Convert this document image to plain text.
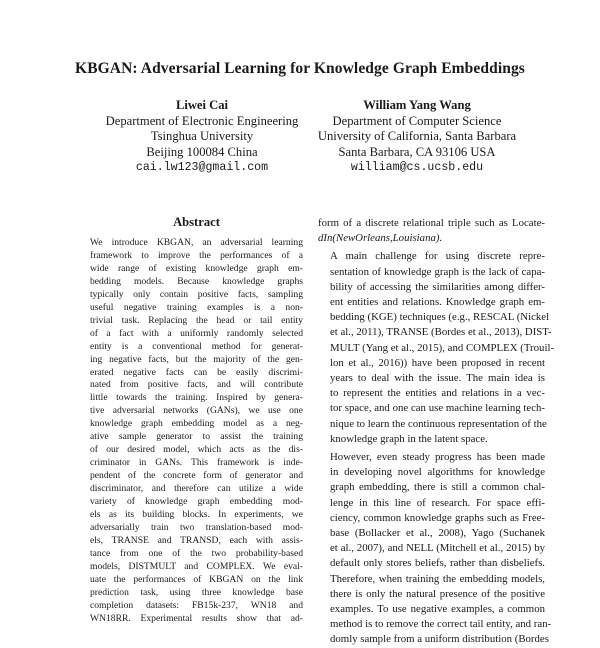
KBGAN: Adversarial Learning for Knowledge Graph Embeddings
Liwei Cai
Department of Electronic Engineering
Tsinghua University
Beijing 100084 China
cai.lw123@gmail.com
William Yang Wang
Department of Computer Science
University of California, Santa Barbara
Santa Barbara, CA 93106 USA
william@cs.ucsb.edu
Abstract
We introduce KBGAN, an adversarial learning
framework to improve the performances of a
wide range of existing knowledge graph em-
bedding models. Because knowledge graphs
typically only contain positive facts, sampling
useful negative training examples is a non-
trivial task. Replacing the head or tail entity
of a fact with a uniformly randomly selected
entity is a conventional method for generat-
ing negative facts, but the majority of the gen-
erated negative facts can be easily discrimi-
nated from positive facts, and will contribute
little towards the training. Inspired by genera-
tive adversarial networks (GANs), we use one
knowledge graph embedding model as a neg-
ative sample generator to assist the training
of our desired model, which acts as the dis-
criminator in GANs. This framework is inde-
pendent of the concrete form of generator and
discriminator, and therefore can utilize a wide
variety of knowledge graph embedding mod-
els as its building blocks. In experiments, we
adversarially train two translation-based mod-
els, TRANSE and TRANSD, each with assis-
tance from one of the two probability-based
models, DISTMULT and COMPLEX. We eval-
uate the performances of KBGAN on the link
prediction task, using three knowledge base
completion datasets: FB15k-237, WN18 and
WN18RR. Experimental results show that ad-

form of a discrete relational triple such as Locate-
dIn(NewOrleans,Louisiana).

A main challenge for using discrete repre-
sentation of knowledge graph is the lack of capa-
bility of accessing the similarities among differ-
ent entities and relations. Knowledge graph em-
bedding (KGE) techniques (e.g., RESCAL (Nickel
et al., 2011), TRANSE (Bordes et al., 2013), DIST-
MULT (Yang et al., 2015), and COMPLEX (Trouil-
lon et al., 2016)) have been proposed in recent
years to deal with the issue. The main idea is
to represent the entities and relations in a vec-
tor space, and one can use machine learning tech-
nique to learn the continuous representation of the
knowledge graph in the latent space.

However, even steady progress has been made
in developing novel algorithms for knowledge
graph embedding, there is still a common chal-
lenge in this line of research. For space effi-
ciency, common knowledge graphs such as Free-
base (Bollacker et al., 2008), Yago (Suchanek
et al., 2007), and NELL (Mitchell et al., 2015) by
default only stores beliefs, rather than disbeliefs.
Therefore, when training the embedding models,
there is only the natural presence of the positive
examples. To use negative examples, a common
method is to remove the correct tail entity, and ran-
domly sample from a uniform distribution (Bordes
